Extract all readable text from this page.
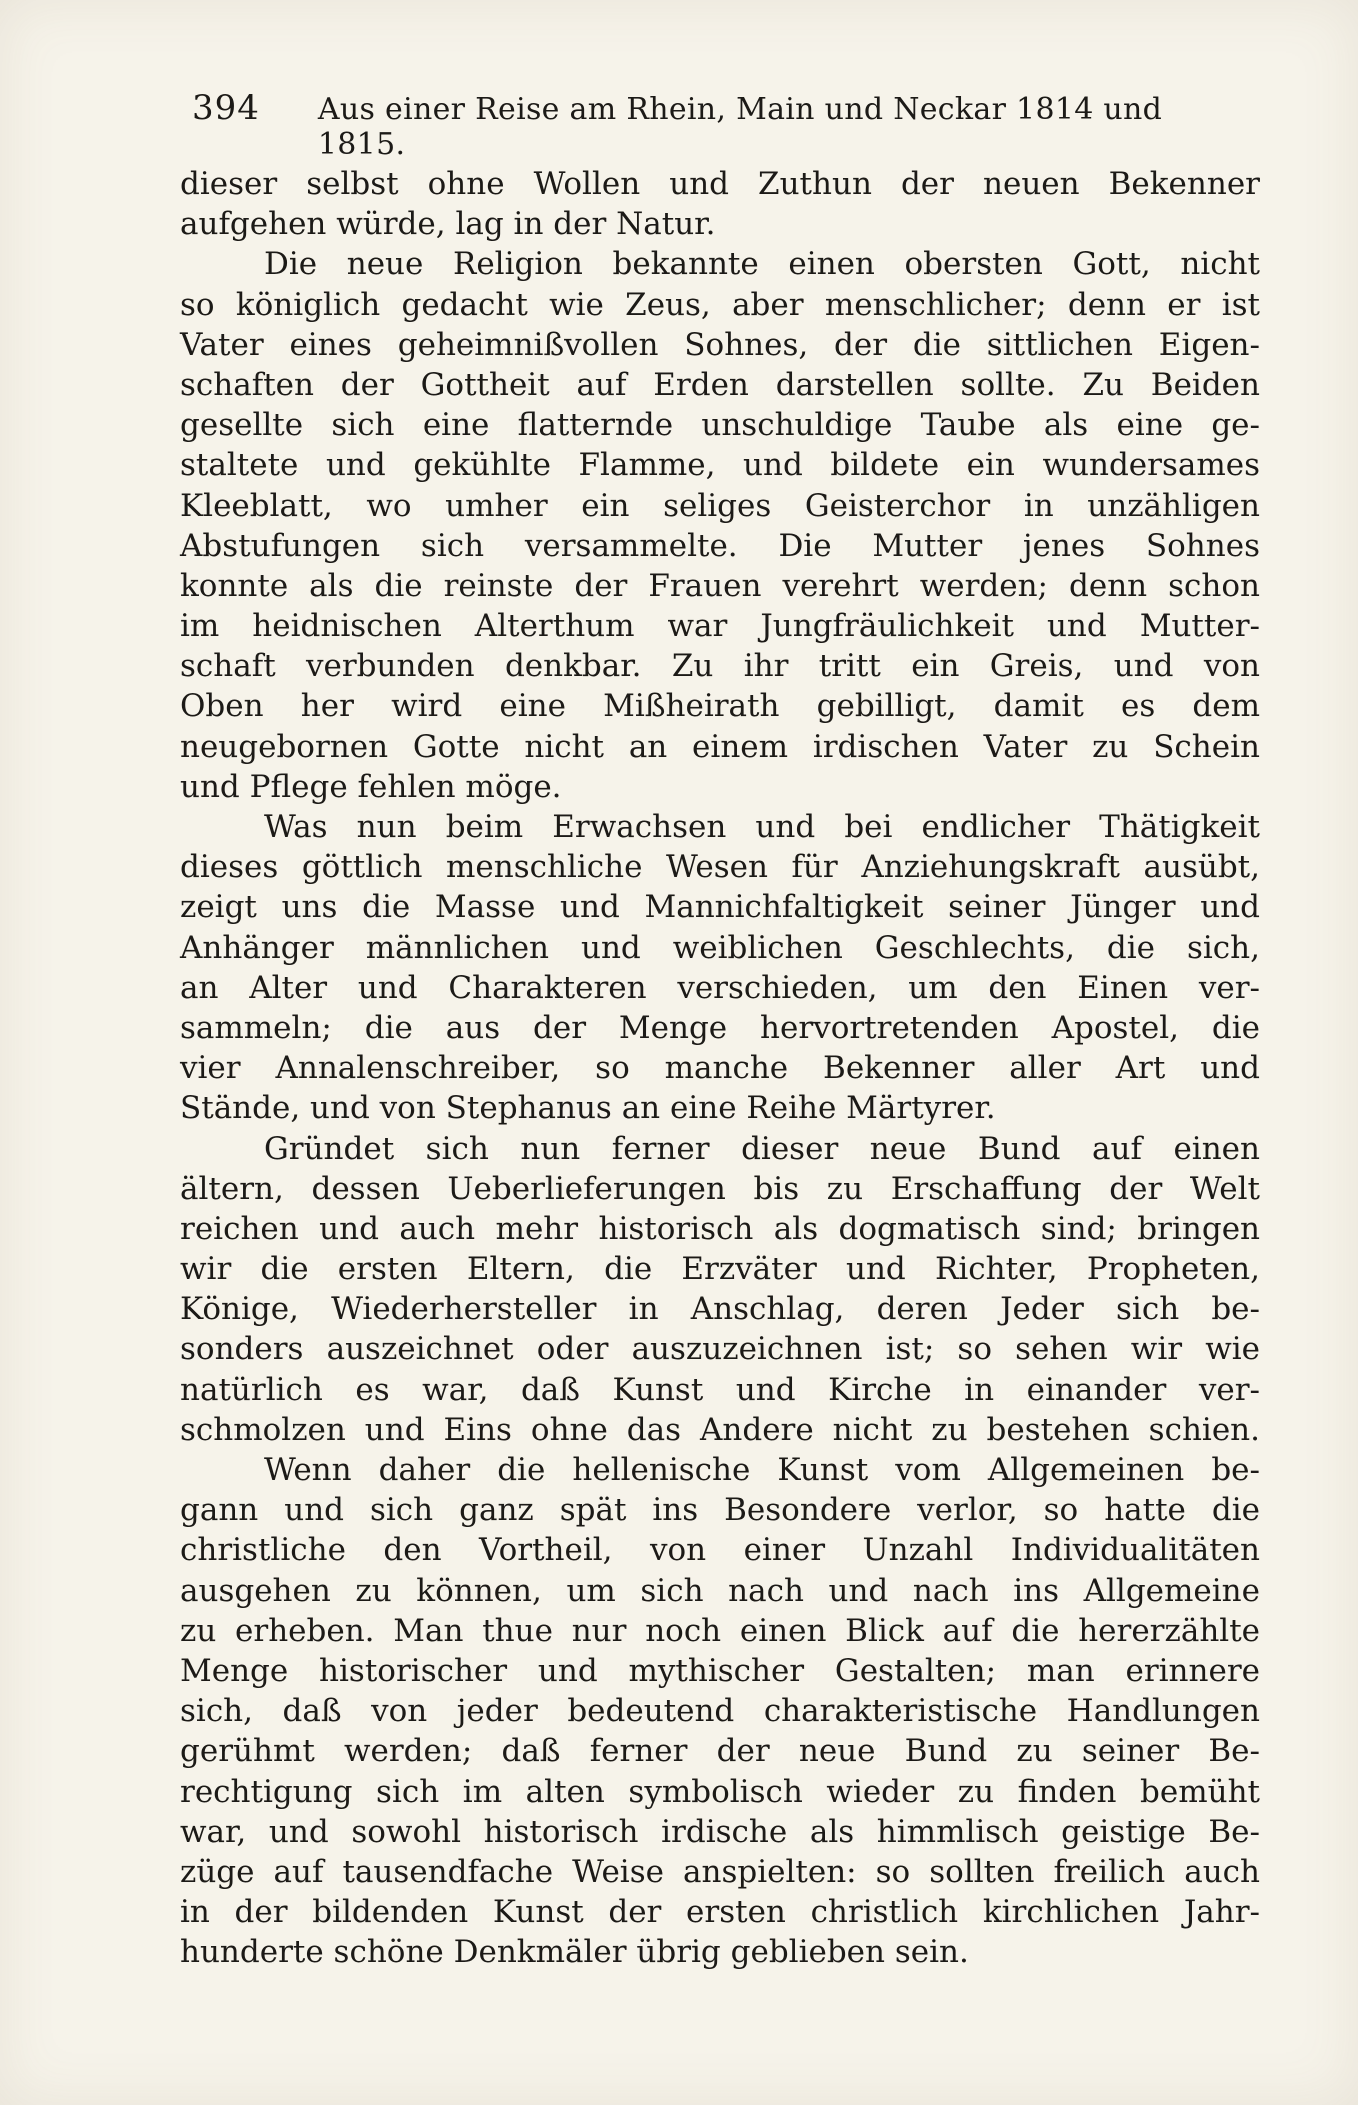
394 Aus einer Reise am Rhein, Main und Neckar 1814 und 1815.
dieser selbst ohne Wollen und Zuthun der neuen Bekenner
aufgehen würde, lag in der Natur.
Die neue Religion bekannte einen obersten Gott, nicht
so königlich gedacht wie Zeus, aber menschlicher; denn er ist
Vater eines geheimnißvollen Sohnes, der die sittlichen Eigen-
schaften der Gottheit auf Erden darstellen sollte. Zu Beiden
gesellte sich eine flatternde unschuldige Taube als eine ge-
staltete und gekühlte Flamme, und bildete ein wundersames
Kleeblatt, wo umher ein seliges Geisterchor in unzähligen
Abstufungen sich versammelte. Die Mutter jenes Sohnes
konnte als die reinste der Frauen verehrt werden; denn schon
im heidnischen Alterthum war Jungfräulichkeit und Mutter-
schaft verbunden denkbar. Zu ihr tritt ein Greis, und von
Oben her wird eine Mißheirath gebilligt, damit es dem
neugebornen Gotte nicht an einem irdischen Vater zu Schein
und Pflege fehlen möge.
Was nun beim Erwachsen und bei endlicher Thätigkeit
dieses göttlich menschliche Wesen für Anziehungskraft ausübt,
zeigt uns die Masse und Mannichfaltigkeit seiner Jünger und
Anhänger männlichen und weiblichen Geschlechts, die sich,
an Alter und Charakteren verschieden, um den Einen ver-
sammeln; die aus der Menge hervortretenden Apostel, die
vier Annalenschreiber, so manche Bekenner aller Art und
Stände, und von Stephanus an eine Reihe Märtyrer.
Gründet sich nun ferner dieser neue Bund auf einen
ältern, dessen Ueberlieferungen bis zu Erschaffung der Welt
reichen und auch mehr historisch als dogmatisch sind; bringen
wir die ersten Eltern, die Erzväter und Richter, Propheten,
Könige, Wiederhersteller in Anschlag, deren Jeder sich be-
sonders auszeichnet oder auszuzeichnen ist; so sehen wir wie
natürlich es war, daß Kunst und Kirche in einander ver-
schmolzen und Eins ohne das Andere nicht zu bestehen schien.
Wenn daher die hellenische Kunst vom Allgemeinen be-
gann und sich ganz spät ins Besondere verlor, so hatte die
christliche den Vortheil, von einer Unzahl Individualitäten
ausgehen zu können, um sich nach und nach ins Allgemeine
zu erheben. Man thue nur noch einen Blick auf die hererzählte
Menge historischer und mythischer Gestalten; man erinnere
sich, daß von jeder bedeutend charakteristische Handlungen
gerühmt werden; daß ferner der neue Bund zu seiner Be-
rechtigung sich im alten symbolisch wieder zu finden bemüht
war, und sowohl historisch irdische als himmlisch geistige Be-
züge auf tausendfache Weise anspielten: so sollten freilich auch
in der bildenden Kunst der ersten christlich kirchlichen Jahr-
hunderte schöne Denkmäler übrig geblieben sein.
